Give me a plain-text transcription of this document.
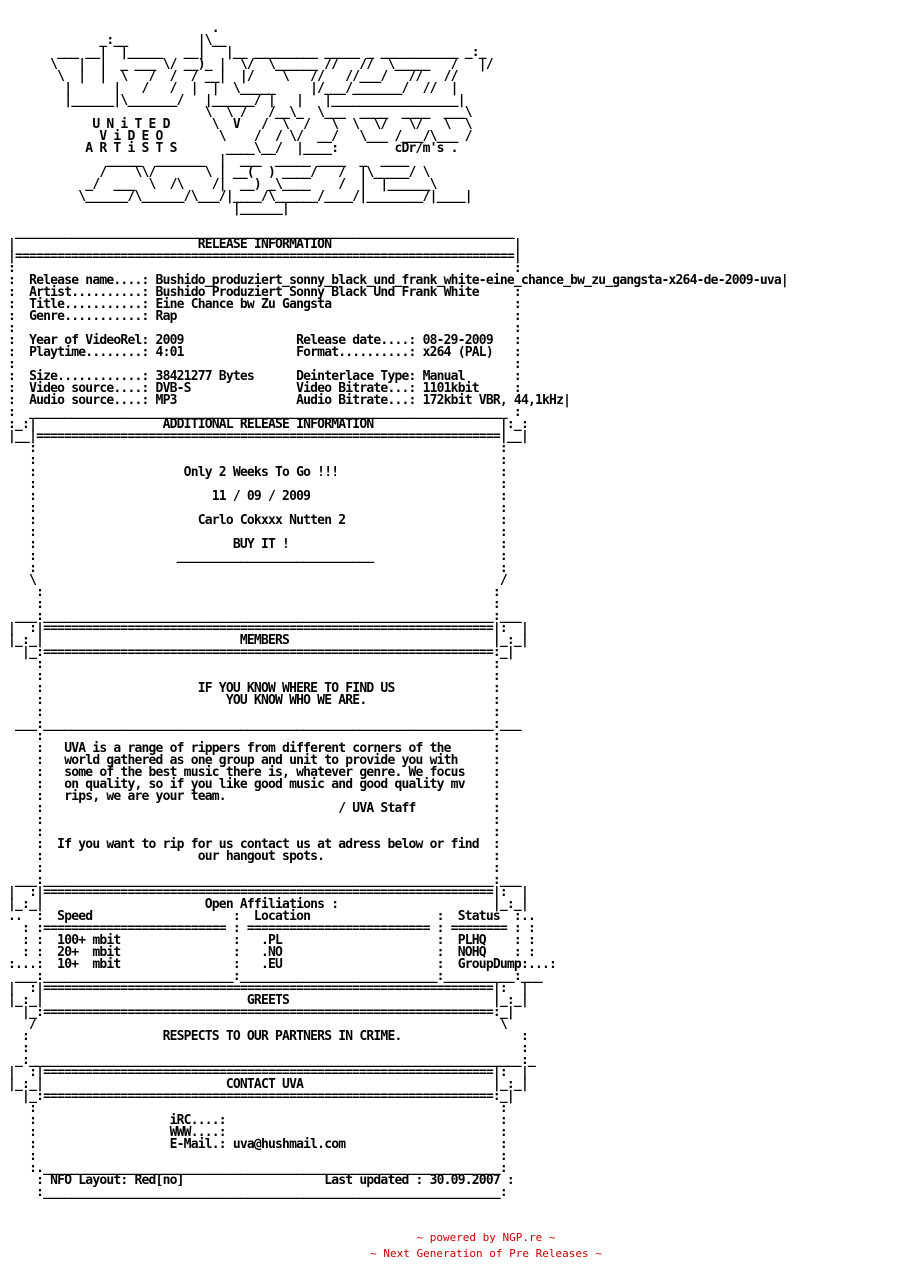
.
_:__          |\__
___ __|  |_____   __|   |__ _________ _____ _ ___________ _:_
\   |  |  _ ___ \/ __)_ |  \/  \______ //   //  \_____   /   |/
\  |  |  \   /  /  / __|  |/    \   //   //___/   //   //
|      |   /   /  |  |  \_____     |/___/_______/  //  |
|______|\_______/   |______/ |   |   |__________________|
\  \ /   /__\_  \___  ____  ____  ___\
U N i T E D      \  V   /  \  /   \  \  \/   \/   \  \
V i D E O        \    /  / \/  __/   \___ /___/\___ /
A R T i S T S       ____\__/  |____:        cDr/m's .
_____  _______  |  ___  _____ ____  _  ____
/    \\/       \ | __(  ) ____/   /  |\_____/ \
_/  ___  \  /\    /|  __) _\____    /  |  |______\
\______/\______/\___/|____/\______/____/|________/|____|
|______|

_______________________________________________________________________
|                          RELEASE INFORMATION                          |
|=======================================================================|
:                                                                       :
:  Release name....: Bushido_produziert_sonny_black_und_frank_white-eine_chance_bw_zu_gangsta-x264-de-2009-uva|
:  Artist..........: Bushido Produziert Sonny Black Und Frank White     :
:  Title...........: Eine Chance bw Zu Gangsta                          :
:  Genre...........: Rap                                                :
:                                                                       :
:  Year of VideoRel: 2009                Release date....: 08-29-2009   :
:  Playtime........: 4:01                Format..........: x264 (PAL)   :
:                                                                       :
:  Size............: 38421277 Bytes      Deinterlace Type: Manual       :
:  Video source....: DVB-S               Video Bitrate...: 1101kbit     :
:  Audio source....: MP3                 Audio Bitrate...: 172kbit VBR, 44,1kHz|
:  ____________________________________________________________________ :
:_:|                  ADDITIONAL RELEASE INFORMATION                  |:_:
|__|==================================================================|__|
:                                                                  :
:                                                                  :
:                     Only 2 Weeks To Go !!!                       :
:                                                                  :
:                         11 / 09 / 2009                           :
:                                                                  :
:                       Carlo Cokxxx Nutten 2                      :
:                                                                  :
:                            BUY IT !                              :
:                    ____________________________                  :
:                                                                  :
\                                                                  /
:                                                                :
:                                                                :
___:________________________________________________________________:___
|  :|================================================================|:  |
|_:_|                            MEMBERS                             |_:_|
|_:================================================================:_|
:                                                                :
:                                                                :
:                      IF YOU KNOW WHERE TO FIND US              :
:                          YOU KNOW WHO WE ARE.                  :
:                                                                :
___:________________________________________________________________:___
:                                                                :
:   UVA is a range of rippers from different corners of the      :
:   world gathered as one group and unit to provide you with     :
:   some of the best music there is, whatever genre. We focus    :
:   on quality, so if you like good music and good quality mv    :
:   rips, we are your team.                                      :
:                                          / UVA Staff           :
:                                                                :
:                                                                :
:  If you want to rip for us contact us at adress below or find  :
:                      our hangout spots.                        :
:                                                                :
___:________________________________________________________________:___
|  :|================================================================|:  |
|_:_|                       Open Affiliations :                      |_:_|
..  :  Speed                    :  Location                  :  Status  :..
: :========================== : ========================== : ======== : :
: :  100+ mbit                :   .PL                      :  PLHQ    : :
: :  20+  mbit                :   .NO                      :  NOHQ    : :
:...:  10+  mbit                :   .EU                      :  GroupDump:...:
___:___________________________:____________________________:__________:___
|  :|================================================================|:  |
|_:_|                             GREETS                             |_:_|
|_:================================================================:_|
/                                                                  \
:                   RESPECTS TO OUR PARTNERS IN CRIME.                 :
:                                                                      :
_:______________________________________________________________________:_
|  :|================================================================|:  |
|_:_|                          CONTACT UVA                           |_:_|
|_:================================================================:_|
:                                                                  :
:                   iRC....:                                       :
:                   WWW....:                                       :
:                   E-Mail.: uva@hushmail.com                      :
:                                                                  :
:._________________________________________________________________:
: NFO Layout: Red[no]                    Last updated : 30.09.2007 :
:_________________________________________________________________:

~ powered by NGP.re ~
~ Next Generation of Pre Releases ~
